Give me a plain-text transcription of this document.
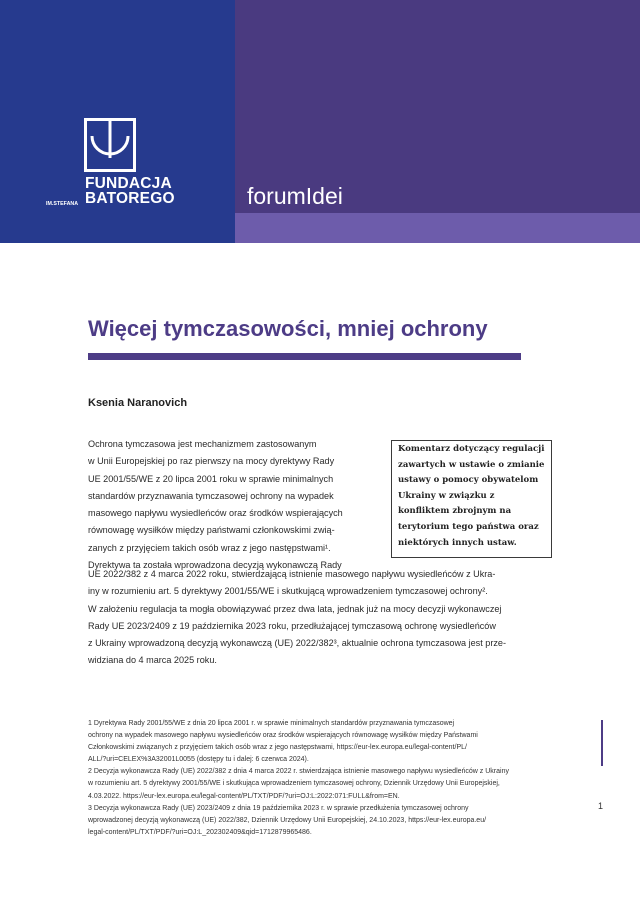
IM.STEFANA
FUNDACJA
BATOREGO	forumIdei
Więcej tymczasowości, mniej ochrony
Ksenia Naranovich
Ochrona tymczasowa jest mechanizmem zastosowanym
w Unii Europejskiej po raz pierwszy na mocy dyrektywy Rady
UE 2001/55/WE z 20 lipca 2001 roku w sprawie minimalnych
standardów przyznawania tymczasowej ochrony na wypadek
masowego napływu wysiedleńców oraz środków wspierających
równowagę wysiłków między państwami członkowskimi zwią-
zanych z przyjęciem takich osób wraz z jego następstwami¹.
Dyrektywa ta została wprowadzona decyzją wykonawczą Rady
Komentarz dotyczący regulacji zawartych w ustawie o zmianie ustawy o pomocy obywatelom Ukrainy w związku z konfliktem zbrojnym na terytorium tego państwa oraz niektórych innych ustaw.
UE 2022/382 z 4 marca 2022 roku, stwierdzającą istnienie masowego napływu wysiedleńców z Ukra-
iny w rozumieniu art. 5 dyrektywy 2001/55/WE i skutkującą wprowadzeniem tymczasowej ochrony².
W założeniu regulacja ta mogła obowiązywać przez dwa lata, jednak już na mocy decyzji wykonawczej
Rady UE 2023/2409 z 19 października 2023 roku, przedłużającej tymczasową ochronę wysiedleńców
z Ukrainy wprowadzoną decyzją wykonawczą (UE) 2022/382³, aktualnie ochrona tymczasowa jest prze-
widziana do 4 marca 2025 roku.
1 Dyrektywa Rady 2001/55/WE z dnia 20 lipca 2001 r. w sprawie minimalnych standardów przyznawania tymczasowej
ochrony na wypadek masowego napływu wysiedleńców oraz środków wspierających równowagę wysiłków między Państwami
Członkowskimi związanych z przyjęciem takich osób wraz z jego następstwami, https://eur-lex.europa.eu/legal-content/PL/
ALL/?uri=CELEX%3A32001L0055 (dostępy tu i dalej: 6 czerwca 2024).
2 Decyzja wykonawcza Rady (UE) 2022/382 z dnia 4 marca 2022 r. stwierdzająca istnienie masowego napływu wysiedleńców z Ukrainy
w rozumieniu art. 5 dyrektywy 2001/55/WE i skutkująca wprowadzeniem tymczasowej ochrony, Dziennik Urzędowy Unii Europejskiej,
4.03.2022. https://eur-lex.europa.eu/legal-content/PL/TXT/PDF/?uri=OJ:L:2022:071:FULL&from=EN.
3 Decyzja wykonawcza Rady (UE) 2023/2409 z dnia 19 października 2023 r. w sprawie przedłużenia tymczasowej ochrony
wprowadzonej decyzją wykonawczą (UE) 2022/382, Dziennik Urzędowy Unii Europejskiej, 24.10.2023, https://eur-lex.europa.eu/
legal-content/PL/TXT/PDF/?uri=OJ:L_202302409&qid=1712879965486.
1
